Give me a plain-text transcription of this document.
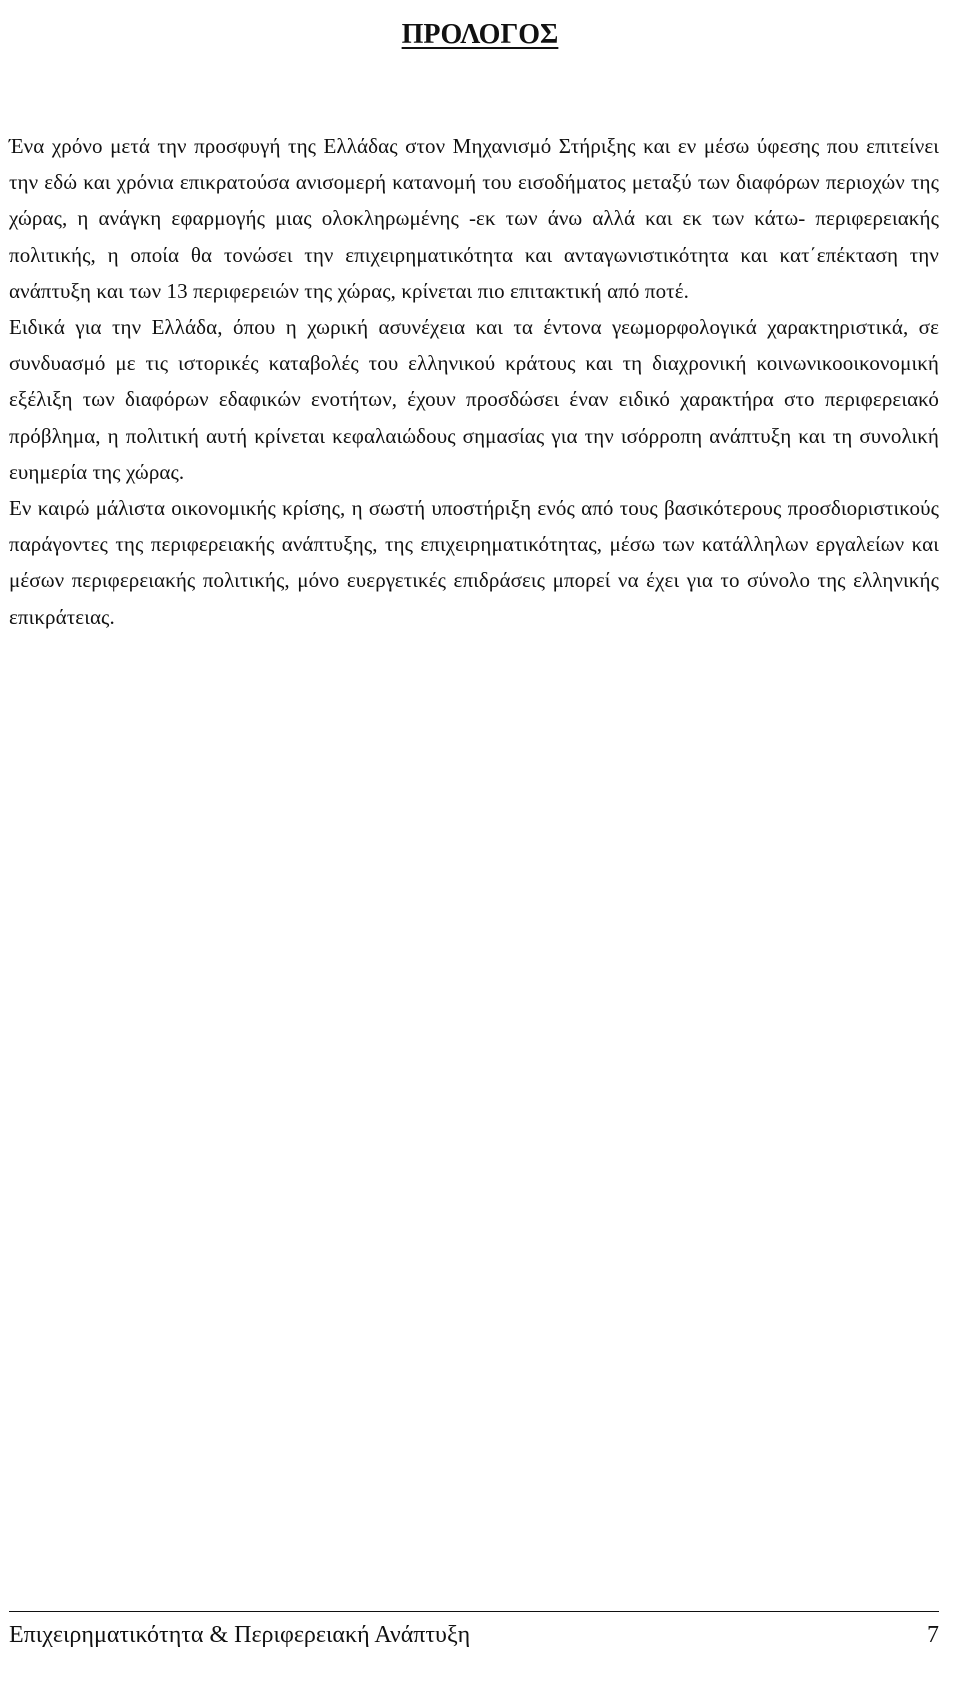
ΠΡΟΛΟΓΟΣ

Ένα χρόνο μετά την προσφυγή της Ελλάδας στον Μηχανισμό Στήριξης και εν μέσω ύφεσης που επιτείνει την εδώ και χρόνια επικρατούσα ανισομερή κατανομή του εισοδήματος μεταξύ των διαφόρων περιοχών της χώρας, η ανάγκη εφαρμογής μιας ολοκληρωμένης -εκ των άνω αλλά και εκ των κάτω- περιφερειακής πολιτικής, η οποία θα τονώσει την επιχειρηματικότητα και ανταγωνιστικότητα και κατ΄επέκταση την ανάπτυξη και των 13 περιφερειών της χώρας, κρίνεται πιο επιτακτική από ποτέ.

Ειδικά για την Ελλάδα, όπου η χωρική ασυνέχεια και τα έντονα γεωμορφολογικά χαρακτηριστικά, σε συνδυασμό με τις ιστορικές καταβολές του ελληνικού κράτους και τη διαχρονική κοινωνικοοικονομική εξέλιξη των διαφόρων εδαφικών ενοτήτων, έχουν προσδώσει έναν ειδικό χαρακτήρα στο περιφερειακό πρόβλημα, η πολιτική αυτή κρίνεται κεφαλαιώδους σημασίας για την ισόρροπη ανάπτυξη και τη συνολική ευημερία της χώρας.

Εν καιρώ μάλιστα οικονομικής κρίσης, η σωστή υποστήριξη ενός από τους βασικότερους προσδιοριστικούς παράγοντες της περιφερειακής ανάπτυξης, της επιχειρηματικότητας, μέσω των κατάλληλων εργαλείων και μέσων περιφερειακής πολιτικής, μόνο ευεργετικές επιδράσεις μπορεί να έχει για το σύνολο της ελληνικής επικράτειας.

Επιχειρηματικότητα & Περιφερειακή Ανάπτυξη	7
